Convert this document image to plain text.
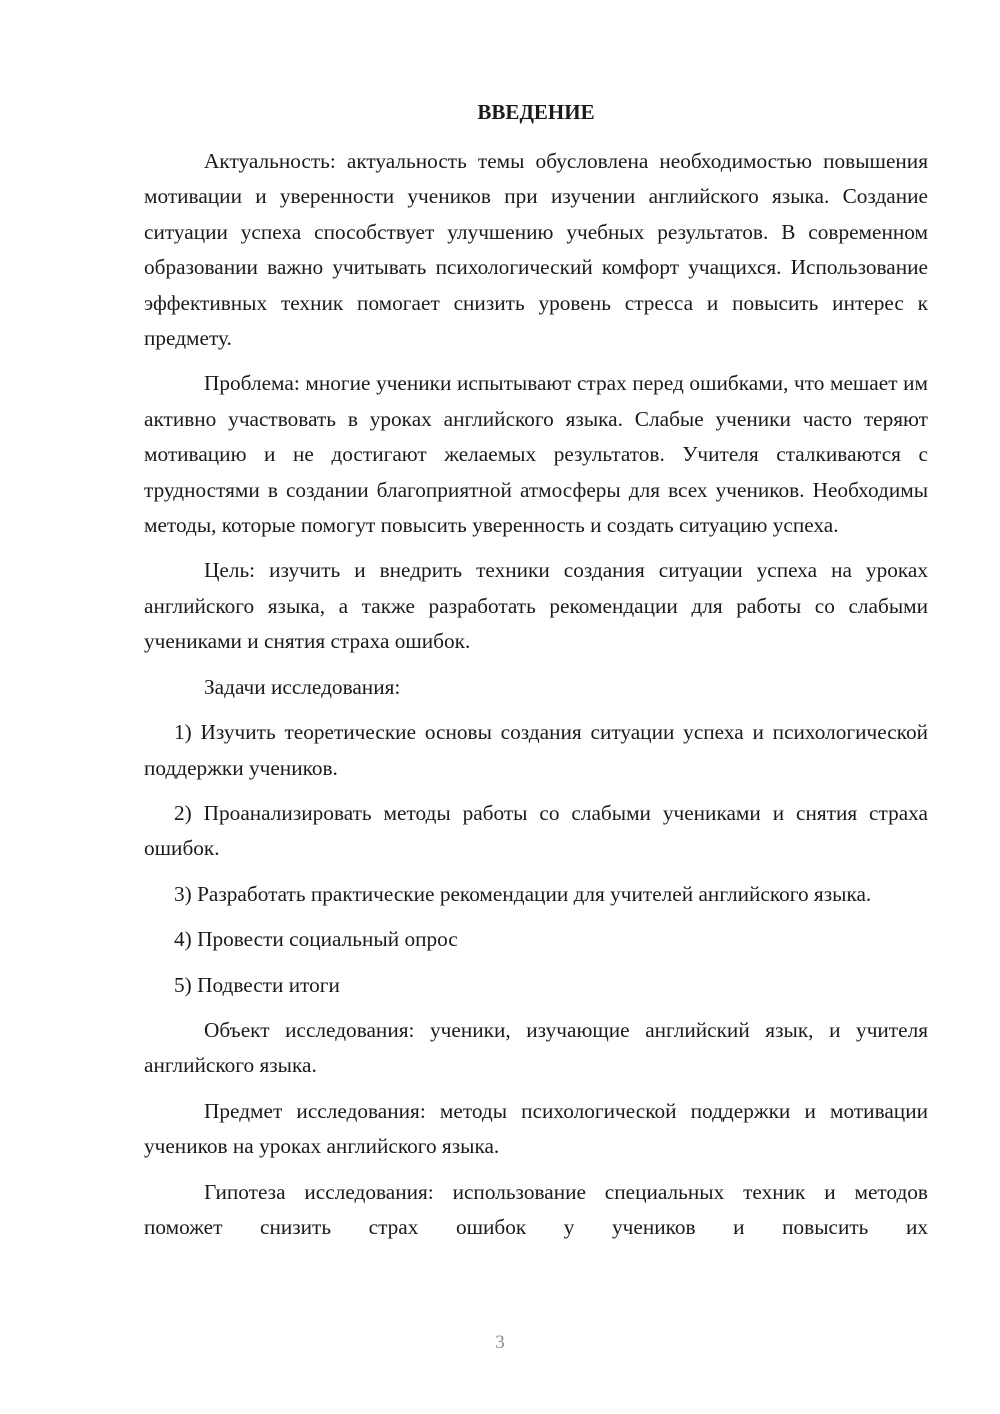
ВВЕДЕНИЕ

Актуальность: актуальность темы обусловлена необходимостью повышения мотивации и уверенности учеников при изучении английского языка. Создание ситуации успеха способствует улучшению учебных результатов. В современном образовании важно учитывать психологический комфорт учащихся. Использование эффективных техник помогает снизить уровень стресса и повысить интерес к предмету.

Проблема: многие ученики испытывают страх перед ошибками, что мешает им активно участвовать в уроках английского языка. Слабые ученики часто теряют мотивацию и не достигают желаемых результатов. Учителя сталкиваются с трудностями в создании благоприятной атмосферы для всех учеников. Необходимы методы, которые помогут повысить уверенность и создать ситуацию успеха.

Цель: изучить и внедрить техники создания ситуации успеха на уроках английского языка, а также разработать рекомендации для работы со слабыми учениками и снятия страха ошибок.

Задачи исследования:

1) Изучить теоретические основы создания ситуации успеха и психологической поддержки учеников.

2) Проанализировать методы работы со слабыми учениками и снятия страха ошибок.

3) Разработать практические рекомендации для учителей английского языка.

4) Провести социальный опрос

5) Подвести итоги

Объект исследования: ученики, изучающие английский язык, и учителя английского языка.

Предмет исследования: методы психологической поддержки и мотивации учеников на уроках английского языка.

Гипотеза исследования: использование специальных техник и методов поможет снизить страх ошибок у учеников и повысить их

3
